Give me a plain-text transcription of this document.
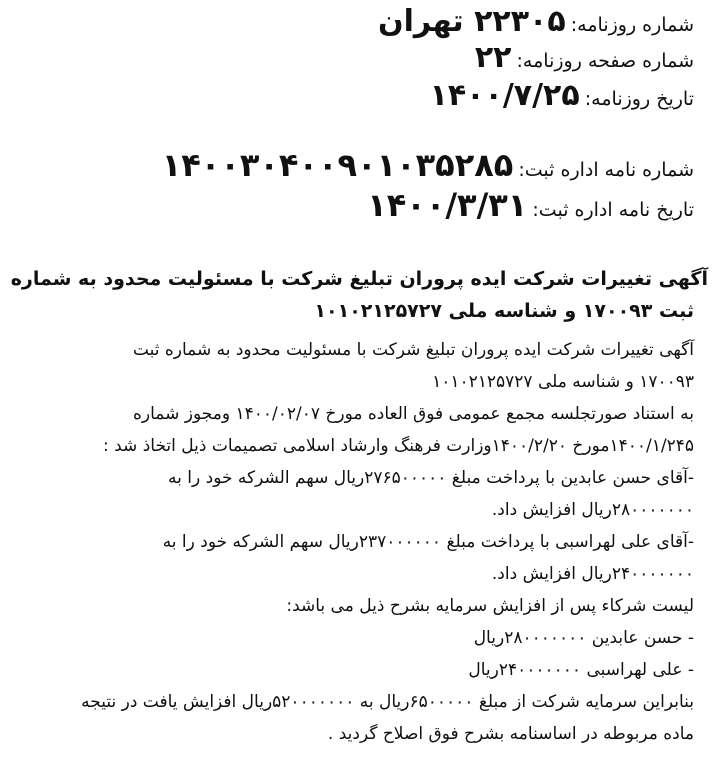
شماره روزنامه: ۲۲۳۰۵ تهران
شماره صفحه روزنامه: ۲۲
تاریخ روزنامه: ۱۴۰۰/۷/۲۵
شماره نامه اداره ثبت: ۱۴۰۰۳۰۴۰۰۹۰۱۰۳۵۲۸۵
تاریخ نامه اداره ثبت: ۱۴۰۰/۳/۳۱
آگهی تغییرات شرکت ایده پروران تبلیغ شرکت با مسئولیت محدود به شماره
ثبت ۱۷۰۰۹۳ و شناسه ملی ۱۰۱۰۲۱۲۵۷۲۷
آگهی تغییرات شرکت ایده پروران تبلیغ شرکت با مسئولیت محدود به شماره ثبت
۱۷۰۰۹۳ و شناسه ملی ۱۰۱۰۲۱۲۵۷۲۷
به استناد صورتجلسه مجمع عمومی فوق العاده مورخ ۱۴۰۰/۰۲/۰۷ ومجوز شماره
۱۴۰۰/۱/۲۴۵مورخ ۱۴۰۰/۲/۲۰وزارت فرهنگ وارشاد اسلامی تصمیمات ذیل اتخاذ شد :
-آقای حسن عابدین با پرداخت مبلغ ۲۷۶۵۰۰۰۰۰ریال سهم الشرکه خود را به
۲۸۰۰۰۰۰۰۰ریال افزایش داد.
-آقای علی لهراسبی با پرداخت مبلغ ۲۳۷۰۰۰۰۰۰ریال سهم الشرکه خود را به
۲۴۰۰۰۰۰۰۰ریال افزایش داد.
لیست شرکاء پس از افزایش سرمایه بشرح ذیل می باشد:
- حسن عابدین ۲۸۰۰۰۰۰۰۰ریال
- علی لهراسبی ۲۴۰۰۰۰۰۰۰ریال
بنابراین سرمایه شرکت از مبلغ ۶۵۰۰۰۰۰ریال به ۵۲۰۰۰۰۰۰۰ریال افزایش یافت در نتیجه
ماده مربوطه در اساسنامه بشرح فوق اصلاح گردید .
